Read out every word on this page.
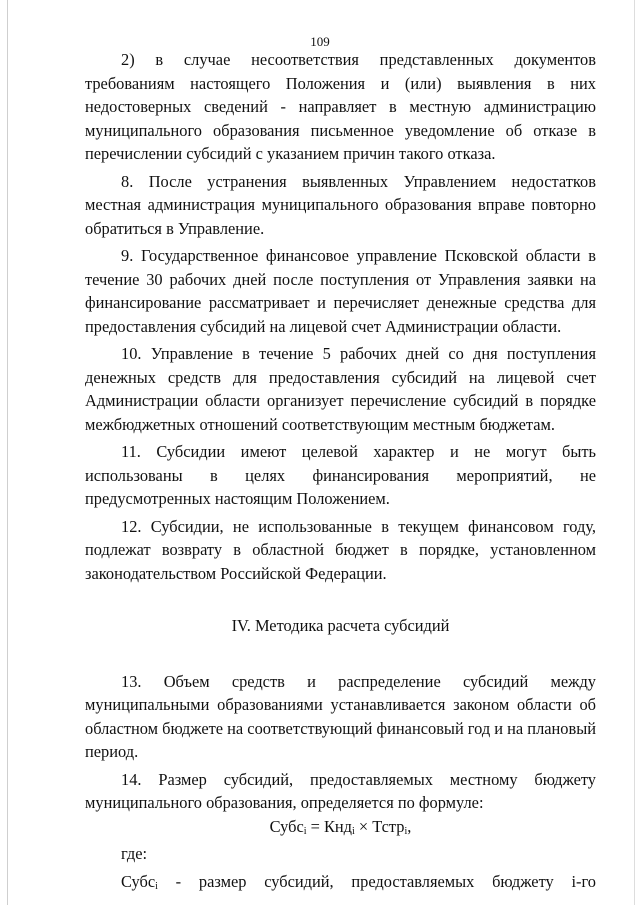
109

2) в случае несоответствия представленных документов требованиям настоящего Положения и (или) выявления в них недостоверных сведений - направляет в местную администрацию муниципального образования письменное уведомление об отказе в перечислении субсидий с указанием причин такого отказа.

8. После устранения выявленных Управлением недостатков местная администрация муниципального образования вправе повторно обратиться в Управление.

9. Государственное финансовое управление Псковской области в течение 30 рабочих дней после поступления от Управления заявки на финансирование рассматривает и перечисляет денежные средства для предоставления субсидий на лицевой счет Администрации области.

10. Управление в течение 5 рабочих дней со дня поступления денежных средств для предоставления субсидий на лицевой счет Администрации области организует перечисление субсидий в порядке межбюджетных отношений соответствующим местным бюджетам.

11. Субсидии имеют целевой характер и не могут быть использованы в целях финансирования мероприятий, не предусмотренных настоящим Положением.

12. Субсидии, не использованные в текущем финансовом году, подлежат возврату в областной бюджет в порядке, установленном законодательством Российской Федерации.

IV. Методика расчета субсидий

13. Объем средств и распределение субсидий между муниципальными образованиями устанавливается законом области об областном бюджете на соответствующий финансовый год и на плановый период.

14. Размер субсидий, предоставляемых местному бюджету муниципального образования, определяется по формуле:

Субс$_i$ = Кнд$_i$ × Тстр$_i$,

где:

Субс$_i$ - размер субсидий, предоставляемых бюджету i-го
